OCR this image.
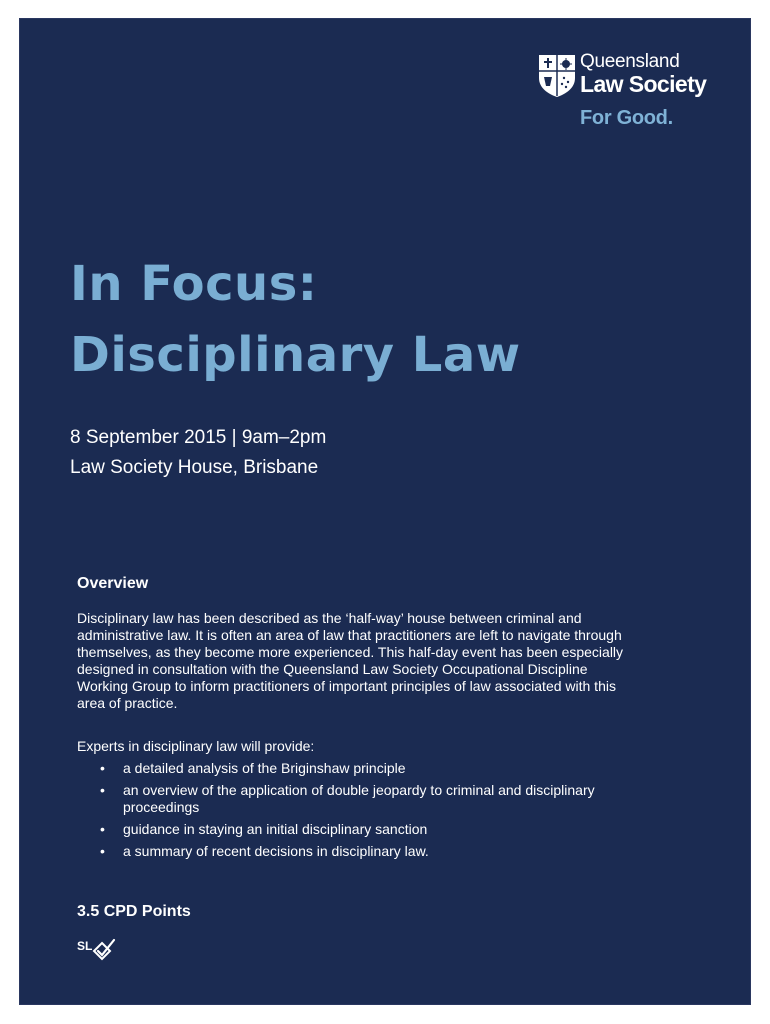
Queensland
Law Society
For Good.
In Focus:
Disciplinary Law
8 September 2015 | 9am–2pm
Law Society House, Brisbane
Overview
Disciplinary law has been described as the ‘half-way’ house between criminal and
administrative law. It is often an area of law that practitioners are left to navigate through
themselves, as they become more experienced. This half-day event has been especially
designed in consultation with the Queensland Law Society Occupational Discipline
Working Group to inform practitioners of important principles of law associated with this
area of practice.
Experts in disciplinary law will provide:
• a detailed analysis of the Briginshaw principle
• an overview of the application of double jeopardy to criminal and disciplinary
proceedings
• guidance in staying an initial disciplinary sanction
• a summary of recent decisions in disciplinary law.
3.5 CPD Points
SL
